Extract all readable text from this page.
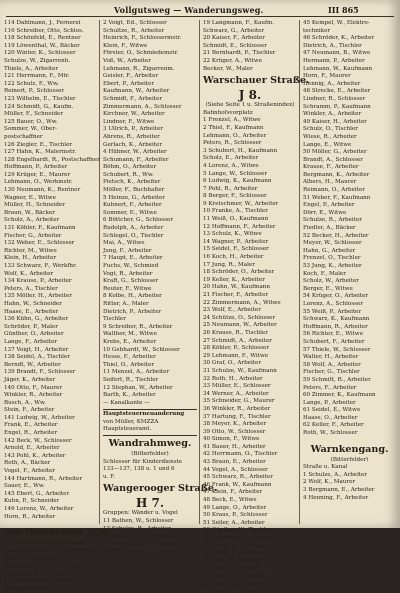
Vollgutsweg — Wanderungsweg.	III 865
114 Dahlmann, J., Fernerei
116 Schreiber, Otto, Schlos.
118 Schönfeld, E., Rentner
119 Löwenthal, W., Bäcker
120 Winter, K., Schlosser
Schulze, W., Zigarrenh.
Thiele, A., Arbeiter
121 Herrmann, F., Mtr.
122 Schulz, F., Ww.
Reinert, P., Schlosser
123 Wilhelm, E., Tischler
124 Schmidt, G., Kaufm.
Müller, F., Schneider
125 Bauer, O., Ww.
Sommer, W., Ober-
postschaffner
126 Ziegler, E., Tischler
127 Hahn, K., Malermstr.
128 Engelhardt, R., Postschaffner
Hoffmann, P., Arbeiter
129 Krüger, E., Maurer
Lehmann, O., Werkmstr.
130 Neumann, K., Rentner
Wagner, E., Witwe
Müller, H., Schneider
Braun, W., Bäcker
Scholz, A., Arbeiter
131 Köhler, F., Kaufmann
Fischer, G., Arbeiter
132 Weber, E., Schlosser
Richter, M., Witwe
Klein, H., Arbeiter
133 Schwarz, F., Werkfhr.
Wolf, K., Arbeiter
134 Krause, P., Arbeiter
Peters, A., Tischler
135 Möller, H., Arbeiter
Hahn, W., Schneider
Haase, E., Arbeiter
136 Kühn, G., Arbeiter
Schröder, P., Maler
Günther, O., Arbeiter
Lange, F., Arbeiter
137 Voigt, H., Arbeiter
138 Seidel, A., Tischler
Berndt, W., Arbeiter
139 Brandt, F., Schlosser
Jäger, K., Arbeiter
140 Otto, F., Maurer
Winkler, R., Arbeiter
Busch, A., Ww.
Stein, F., Arbeiter
141 Ludwig, W., Arbeiter
Frank, E., Arbeiter
Engel, R., Arbeiter
142 Beck, W., Schlosser
Arnold, E., Arbeiter
143 Pohl, K., Arbeiter
Roth, A., Bäcker
Vogel, F., Arbeiter
144 Hartmann, R., Arbeiter
Sauer, E., Ww.
145 Ebert, G., Arbeiter
Kuhn, P., Schneider
146 Lorenz, W., Arbeiter
Horn, R., Arbeiter
Am Wandrahm XO8.
(Siehe Lietzenseebezirk)
Frieden Kelters u. 11 Sternweg
Tagen: Wohnung 1
Baumstraße 8 u. 10 W. Beck.
Schlosser 2. 8. u. Kreis
2 Schulze, Carl, Arbeiter
Rechnungsrat F
2 Voigt, Ed., Schlosser
Schultze, R., Arbeiter
Heinrich, F., Schlossermstr.
Klein, F., Witwe
Förster, O., Schmiedemstr.
Voß, W., Arbeiter
Lehmann, R., Zigarrenm.
Geisler, F., Arbeiter
Ebert, P., Arbeiter
Kaufmann, W., Arbeiter
Schmidt, F., Arbeiter
Zimmermann, A., Schlosser
Kirchner, W., Arbeiter
Lindner, F., Witwe
3 Ullrich, P., Arbeiter
Ahrens, R., Arbeiter
Gerlach, K., Arbeiter
4 Hübner, W., Arbeiter
Schumann, F., Arbeiter
Böhm, O., Arbeiter
Schubert, R., Ww.
Pietsch, K., Arbeiter
Möller, F., Buchhalter
5 Heinze, G., Arbeiter
Kuhnert, F., Arbeiter
Sommer, E., Witwe
6 Böttcher, G., Schlosser
Rudolph, A., Arbeiter
Schlegel, O., Tischler
Mai, A., Witwe
Jung, F., Arbeiter
7 Haupt, E., Arbeiter
Fuchs, W., Schmied
Vogt, R., Arbeiter
Kraft, G., Schlosser
Reuter, F., Witwe
8 Kolbe, H., Arbeiter
Ritter, A., Maler
Dietrich, P., Arbeiter
Tischler
9 Schreiber, R., Arbeiter
Walther, M., Witwe
Krebs, E., Arbeiter
10 Gebhardt, W., Schlosser
Hesse, F., Arbeiter
Thiel, O., Arbeiter
11 Menzel, A., Arbeiter
Seifert, R., Tischler
12 Stephan, W., Arbeiter
Barth, K., Arbeiter
— Kanalkante —
Hauptsteuerneuanderung
von Müller, KMZZA
Hauptsteueramt.
Wandrahmweg.
(Bitterfelder)
Schlosser für Kinderdienste
133—137, 138 u. 1 und 6
u. F.
Wangerooger Straße.
H 7.
Gruppen: Wänder u. Vogel
11 Bathen, W., Schlosser
12 Schulze, R., Arbeiter
13 Dahl, F., Postschaffner
14 Engelhardt, A., Arbeiter
Bäcker
19 Langmann, F., Kaufm.
Schwarz, G., Arbeiter
20 Kaiser, F., Arbeiter
Schmidt, E., Schlosser
21 Bernhardt, P., Tischler
22 Krüger, A., Witwe
Becker, W., Maler
Warschauer Straße.
J 8.
(Siehe Seite 1 u. Straßenindex)
Bahnhofsvorplatz
1 Frenzel, A., Witwe
2 Thiel, F., Kaufmann
Lehmann, O., Arbeiter
Peters, R., Schlosser
3 Schubert, H., Kaufmann
Scholz, E., Arbeiter
4 Lorenz, A., Witwe
5 Lange, W., Schlosser
6 Ludwig, K., Kaufmann
7 Pohl, R., Arbeiter
8 Berger, F., Schlosser
9 Kretschmer, W., Arbeiter
10 Franke, A., Tischler
11 Weiß, O., Kaufmann
12 Hoffmann, F., Arbeiter
13 Schulz, K., Witwe
14 Wagner, P., Arbeiter
15 Seidel, F., Schlosser
16 Koch, H., Arbeiter
17 Jung, R., Maler
18 Schröder, O., Arbeiter
19 Keller, K., Arbeiter
20 Hahn, W., Kaufmann
21 Fischer, F., Arbeiter
22 Zimmermann, A., Witwe
23 Wolf, E., Arbeiter
24 Schütze, O., Schlosser
25 Neumann, W., Arbeiter
26 Krause, R., Tischler
27 Schmidt, A., Arbeiter
28 Köhler, P., Schlosser
29 Lehmann, F., Witwe
30 Graf, O., Arbeiter
31 Schulze, W., Kaufmann
32 Roth, H., Arbeiter
33 Müller, E., Schlosser
34 Werner, A., Arbeiter
35 Schneider, G., Maurer
36 Winkler, R., Arbeiter
37 Hartung, F., Tischler
38 Meyer, K., Arbeiter
39 Otto, W., Schlosser
40 Simon, F., Witwe
41 Bauer, H., Arbeiter
42 Herrmann, O., Tischler
43 Braun, E., Arbeiter
44 Vogel, A., Schlosser
45 Schwarz, R., Arbeiter
46 Frank, W., Kaufmann
47 Klein, F., Arbeiter
48 Beck, E., Witwe
49 Lange, O., Arbeiter
50 Kraus, P., Schlosser
51 Seiler, A., Arbeiter
52 Günther, W., Tischler
53 Schreiber, F., Arbeiter
54 Meier, K., Arbeiter
55 Arndt, H., Schlosser
56 Jahn, O., Arbeiter
57 Horn, W., Witwe
58 Walter, E., Arbeiter
59 Kuhn, F., Arbeiter
45 Kempel, W., Elektro-
techniker
46 Schröder, K., Arbeiter
Dietrich, A., Tischler
47 Neumann, B., Witwe
Hermann, P., Arbeiter
Lehmann, W., Kaufmann
Horn, F., Maurer
Hennig, A., Arbeiter
48 Strecke, E., Arbeiter
Lindner, R., Schlosser
Schramm, P., Kaufmann
Winkler, A., Arbeiter
49 Kaiser, H., Arbeiter
Schulz, O., Tischler
Wiese, R., Arbeiter
Lange, E., Witwe
50 Möller, G., Arbeiter
Brandt, A., Schlosser
Krause, F., Arbeiter
Bergmann, K., Arbeiter
Albers, H., Maurer
Reimann, O., Arbeiter
51 Weber, F., Kaufmann
Engel, P., Arbeiter
Dörr, E., Witwe
Schulze, R., Arbeiter
Fiedler, A., Bäcker
52 Becker, H., Arbeiter
Meyer, W., Schlosser
Hahn, G., Arbeiter
Frenzel, O., Tischler
53 Jung, K., Arbeiter
Koch, F., Maler
Scholz, W., Arbeiter
Berger, E., Witwe
54 Krüger, O., Arbeiter
Lorenz, A., Schlosser
55 Weiß, P., Arbeiter
Schwarz, K., Kaufmann
Hoffmann, R., Arbeiter
56 Richter, E., Witwe
Schubert, F., Arbeiter
57 Thiele, W., Schlosser
Walter, H., Arbeiter
58 Wolf, A., Arbeiter
Fischer, G., Tischler
59 Schmitt, R., Arbeiter
Peters, F., Arbeiter
60 Zimmer, K., Kaufmann
Lange, P., Arbeiter
61 Seidel, E., Witwe
Haase, O., Arbeiter
62 Keller, F., Arbeiter
Roth, W., Schlosser
Warnkengang.
(Bitterfelder)
Straße u. Kanal
1 Schulze, A., Arbeiter
2 Wolf, K., Maurer
3 Bergmann, E., Arbeiter
4 Henning, F., Arbeiter
